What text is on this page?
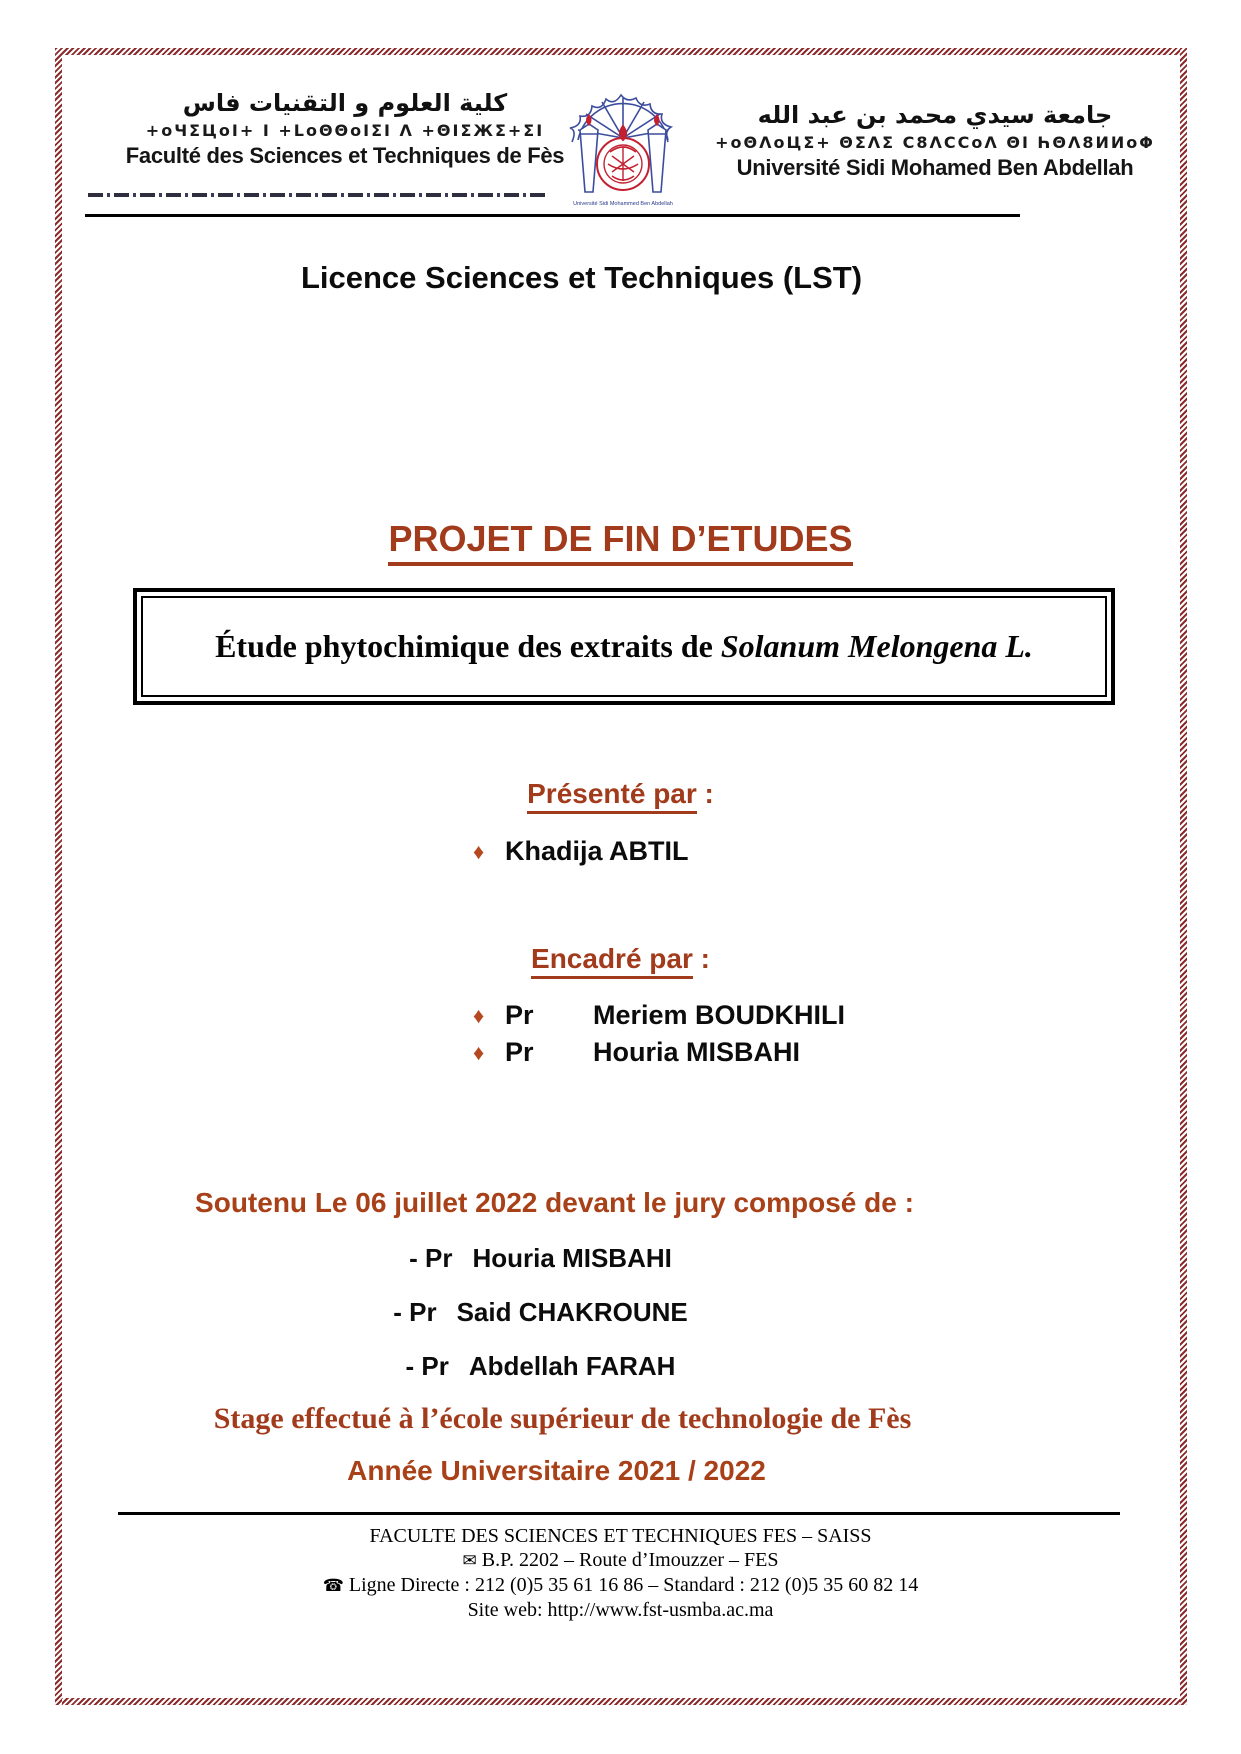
كلية العلوم و التقنيات فاس
+oЧΣЦoI+ I +LoΘΘoIΣI Λ +ΘIΣЖΣ+ΣI
Faculté des Sciences et Techniques de Fès
Université Sidi Mohammed Ben Abdellah
جامعة سيدي محمد بن عبد الله
+oΘΛoЦΣ+ ΘΣΛΣ C8ΛCCoΛ ΘΙ ҺΘΛ8ИИoΦ
Université Sidi Mohamed Ben Abdellah
Licence Sciences et Techniques (LST)
PROJET DE FIN D’ETUDES
Étude phytochimique des extraits de Solanum Melongena L.
Présenté par :
♦ Khadija ABTIL
Encadré par :
♦ Pr	Meriem BOUDKHILI
♦ Pr	Houria MISBAHI
Soutenu Le 06 juillet 2022 devant le jury composé de :
- Pr Houria MISBAHI
- Pr Said CHAKROUNE
- Pr Abdellah FARAH
Stage effectué à l’école supérieur de technologie de Fès
Année Universitaire 2021 / 2022
FACULTE DES SCIENCES ET TECHNIQUES FES – SAISS
✉ B.P. 2202 – Route d’Imouzzer – FES
☎ Ligne Directe : 212 (0)5 35 61 16 86 – Standard : 212 (0)5 35 60 82 14
Site web: http://www.fst-usmba.ac.ma
